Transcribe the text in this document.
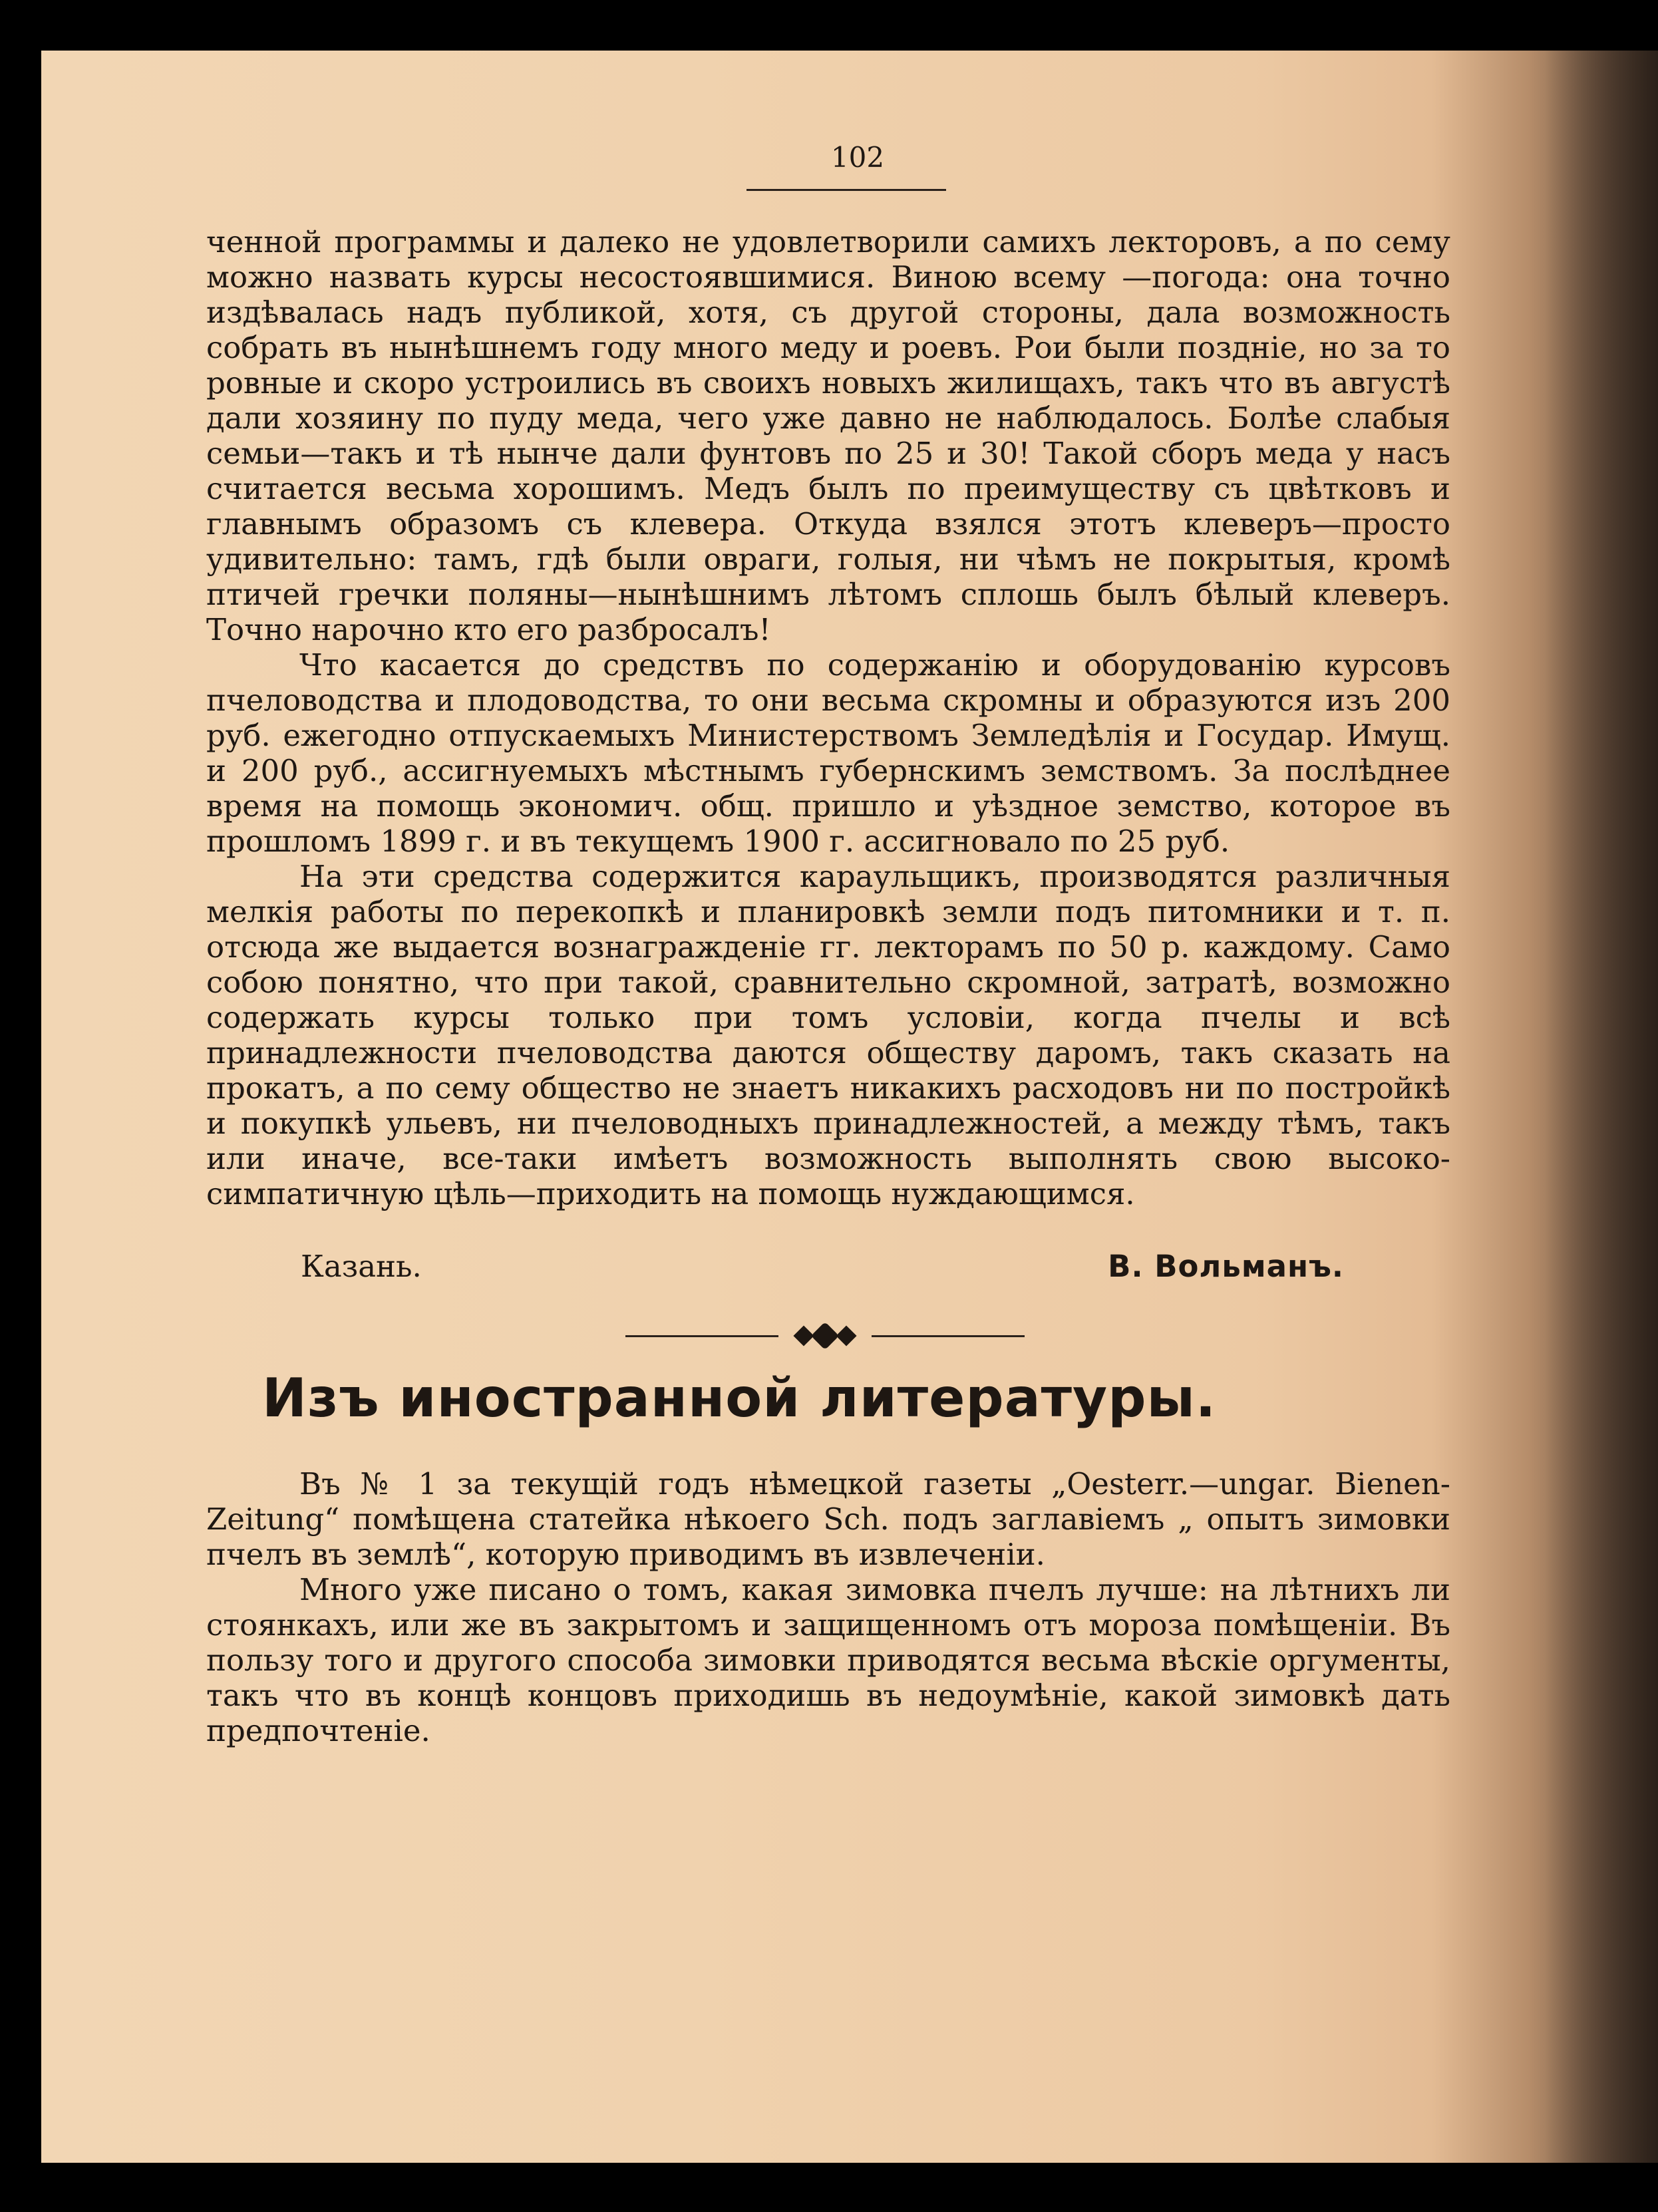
102

ченной программы и далеко не удовлетворили самихъ лекторовъ, а по сему можно назвать курсы несостоявшимися. Виною всему —погода: она точно издѣвалась надъ публикой, хотя, съ другой стороны, дала возможность собрать въ нынѣшнемъ году много меду и роевъ. Рои были поздніе, но за то ровные и скоро устроились въ своихъ новыхъ жилищахъ, такъ что въ августѣ дали хозяину по пуду меда, чего уже давно не наблюдалось. Болѣе слабыя семьи—такъ и тѣ нынче дали фунтовъ по 25 и 30! Такой сборъ меда у насъ считается весьма хорошимъ. Медъ былъ по преимуществу съ цвѣтковъ и главнымъ образомъ съ клевера. Откуда взялся этотъ клеверъ—просто удивительно: тамъ, гдѣ были овраги, голыя, ни чѣмъ не покрытыя, кромѣ птичей гречки поляны—нынѣшнимъ лѣтомъ сплошь былъ бѣлый клеверъ. Точно нарочно кто его разбросалъ!

Что касается до средствъ по содержанію и оборудованію курсовъ пчеловодства и плодоводства, то они весьма скромны и образуются изъ 200 руб. ежегодно отпускаемыхъ Министерствомъ Земледѣлія и Государ. Имущ. и 200 руб., ассигнуемыхъ мѣстнымъ губернскимъ земствомъ. За послѣднее время на помощь экономич. общ. пришло и уѣздное земство, которое въ прошломъ 1899 г. и въ текущемъ 1900 г. ассигновало по 25 руб.

На эти средства содержится караульщикъ, производятся различныя мелкія работы по перекопкѣ и планировкѣ земли подъ питомники и т. п. отсюда же выдается вознагражденіе гг. лекторамъ по 50 р. каждому. Само собою понятно, что при такой, сравнительно скромной, затратѣ, возможно содержать курсы только при томъ условіи, когда пчелы и всѣ принадлежности пчеловодства даются обществу даромъ, такъ сказать на прокатъ, а по сему общество не знаетъ никакихъ расходовъ ни по постройкѣ и покупкѣ ульевъ, ни пчеловодныхъ принадлежностей, а между тѣмъ, такъ или иначе, все-таки имѣетъ возможность выполнять свою высоко-симпатичную цѣль—приходить на помощь нуждающимся.

Казань.	В. Вольманъ.
Изъ иностранной литературы.

Въ № 1 за текущій годъ нѣмецкой газеты „Oesterr.—ungar. Bienen-Zeitung“ помѣщена статейка нѣкоего Sch. подъ заглавіемъ „ опытъ зимовки пчелъ въ землѣ“, которую приводимъ въ извлеченіи.

Много уже писано о томъ, какая зимовка пчелъ лучше: на лѣтнихъ ли стоянкахъ, или же въ закрытомъ и защищенномъ отъ мороза помѣщеніи. Въ пользу того и другого способа зимовки приводятся весьма вѣскіе оргументы, такъ что въ концѣ концовъ приходишь въ недоумѣніе, какой зимовкѣ дать предпочтеніе.
